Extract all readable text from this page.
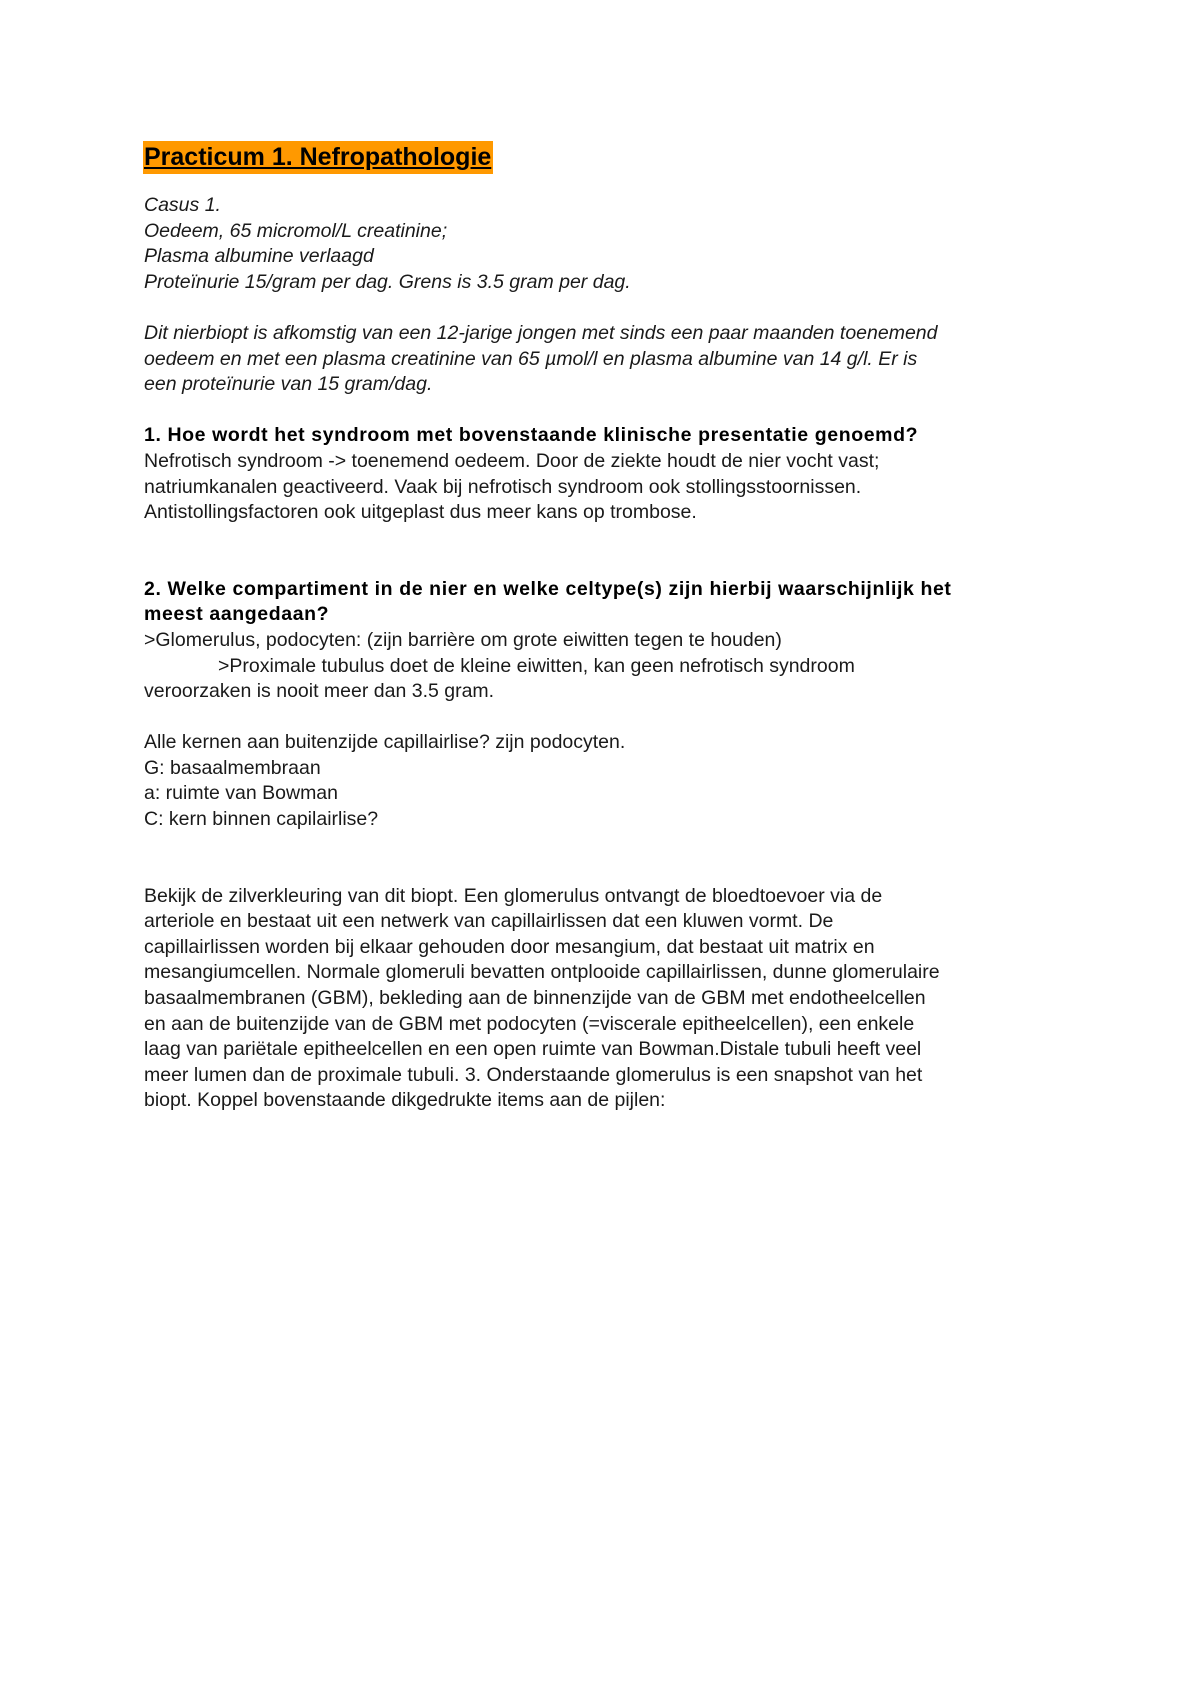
Practicum 1. Nefropathologie
Casus 1.
Oedeem, 65 micromol/L creatinine;
Plasma albumine verlaagd
Proteïnurie 15/gram per dag. Grens is 3.5 gram per dag.
Dit nierbiopt is afkomstig van een 12-jarige jongen met sinds een paar maanden toenemend
oedeem en met een plasma creatinine van 65 µmol/l en plasma albumine van 14 g/l. Er is
een proteïnurie van 15 gram/dag.
1. Hoe wordt het syndroom met bovenstaande klinische presentatie genoemd?
Nefrotisch syndroom -> toenemend oedeem. Door de ziekte houdt de nier vocht vast;
natriumkanalen geactiveerd. Vaak bij nefrotisch syndroom ook stollingsstoornissen.
Antistollingsfactoren ook uitgeplast dus meer kans op trombose.
2. Welke compartiment in de nier en welke celtype(s) zijn hierbij waarschijnlijk het
meest aangedaan?
>Glomerulus, podocyten: (zijn barrière om grote eiwitten tegen te houden)
>Proximale tubulus doet de kleine eiwitten, kan geen nefrotisch syndroom
veroorzaken is nooit meer dan 3.5 gram.
Alle kernen aan buitenzijde capillairlise? zijn podocyten.
G: basaalmembraan
a: ruimte van Bowman
C: kern binnen capilairlise?
Bekijk de zilverkleuring van dit biopt. Een glomerulus ontvangt de bloedtoevoer via de
arteriole en bestaat uit een netwerk van capillairlissen dat een kluwen vormt. De
capillairlissen worden bij elkaar gehouden door mesangium, dat bestaat uit matrix en
mesangiumcellen. Normale glomeruli bevatten ontplooide capillairlissen, dunne glomerulaire
basaalmembranen (GBM), bekleding aan de binnenzijde van de GBM met endotheelcellen
en aan de buitenzijde van de GBM met podocyten (=viscerale epitheelcellen), een enkele
laag van pariëtale epitheelcellen en een open ruimte van Bowman.Distale tubuli heeft veel
meer lumen dan de proximale tubuli. 3. Onderstaande glomerulus is een snapshot van het
biopt. Koppel bovenstaande dikgedrukte items aan de pijlen:
